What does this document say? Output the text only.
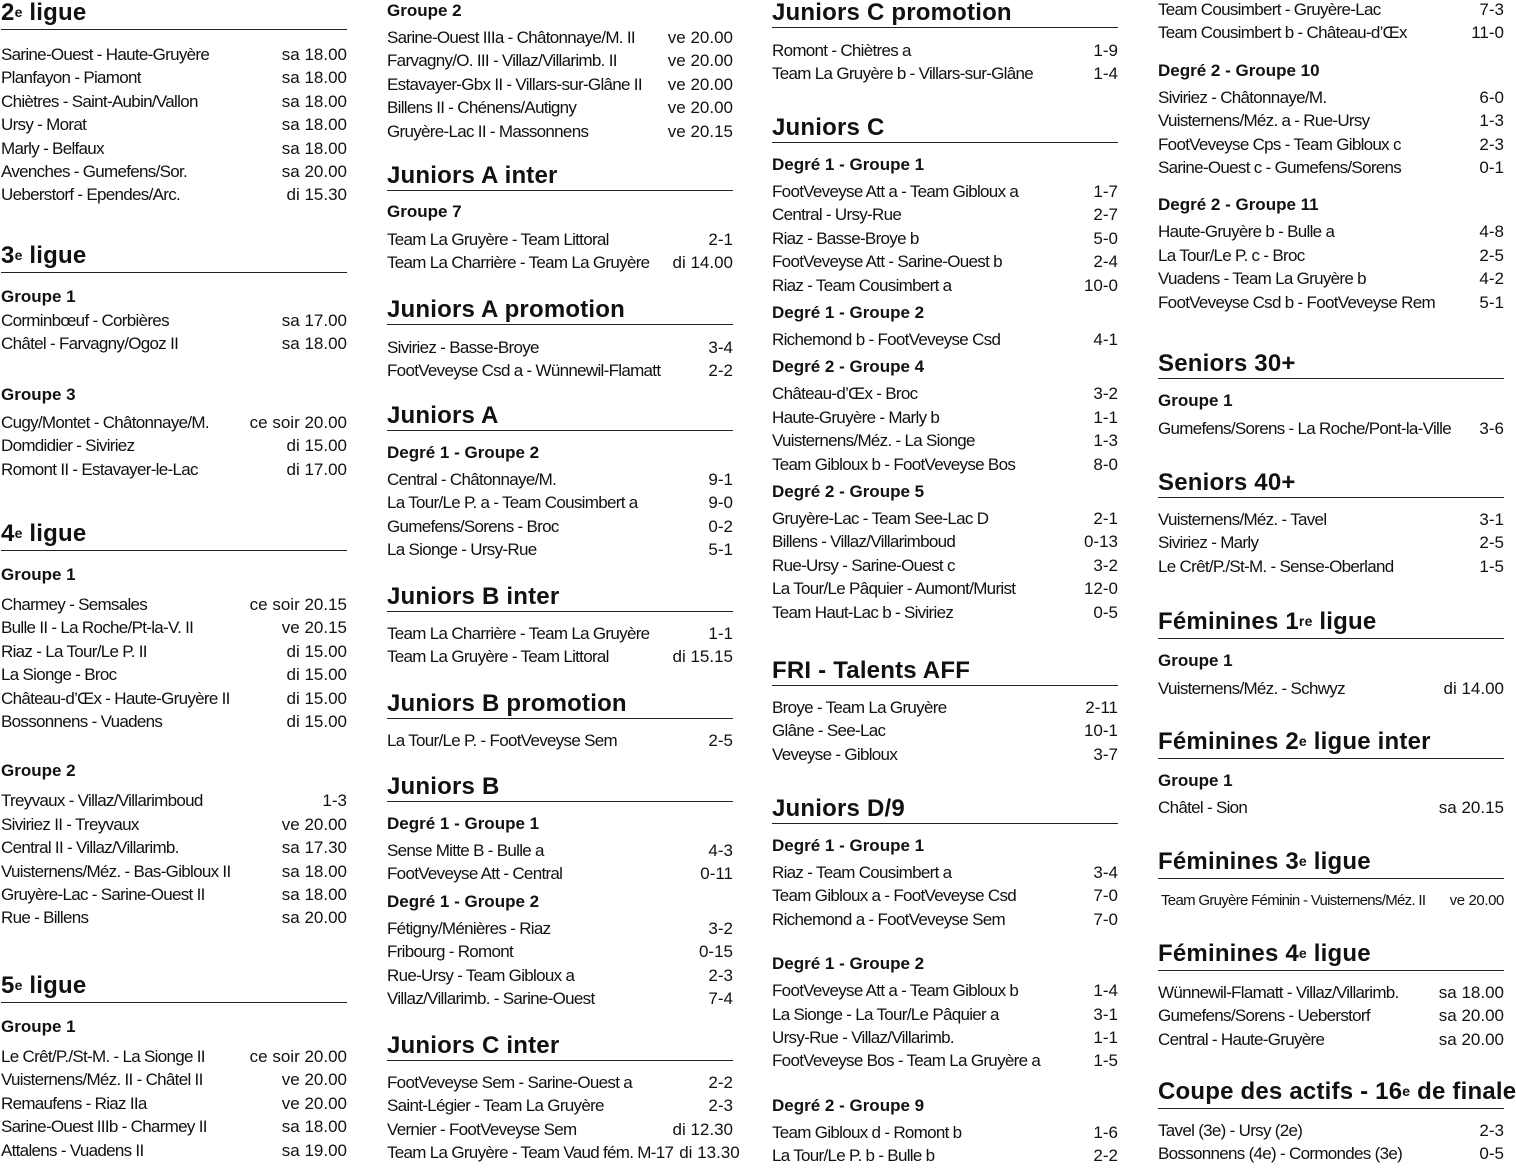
2e ligue
Sarine-Ouest - Haute-Gruyère	sa 18.00
Planfayon - Piamont	sa 18.00
Chiètres - Saint-Aubin/Vallon	sa 18.00
Ursy - Morat	sa 18.00
Marly - Belfaux	sa 18.00
Avenches - Gumefens/Sor.	sa 20.00
Ueberstorf - Ependes/Arc.	di 15.30
3e ligue
Groupe 1
Corminbœuf - Corbières	sa 17.00
Châtel - Farvagny/Ogoz II	sa 18.00
Groupe 3
Cugy/Montet - Châtonnaye/M.	ce soir 20.00
Domdidier - Siviriez	di 15.00
Romont II - Estavayer-le-Lac	di 17.00
4e ligue
Groupe 1
Charmey - Semsales	ce soir 20.15
Bulle II - La Roche/Pt-la-V. II	ve 20.15
Riaz - La Tour/Le P. II	di 15.00
La Sionge - Broc	di 15.00
Château-d’Œx - Haute-Gruyère II	di 15.00
Bossonnens - Vuadens	di 15.00
Groupe 2
Treyvaux - Villaz/Villarimboud	1-3
Siviriez II - Treyvaux	ve 20.00
Central II - Villaz/Villarimb.	sa 17.30
Vuisternens/Méz. - Bas-Gibloux II	sa 18.00
Gruyère-Lac - Sarine-Ouest II	sa 18.00
Rue - Billens	sa 20.00
5e ligue
Groupe 1
Le Crêt/P./St-M. - La Sionge II	ce soir 20.00
Vuisternens/Méz. II - Châtel II	ve 20.00
Remaufens - Riaz IIa	ve 20.00
Sarine-Ouest IIIb - Charmey II	sa 18.00
Attalens - Vuadens II	sa 19.00
Groupe 2
Sarine-Ouest IIIa - Châtonnaye/M. II	ve 20.00
Farvagny/O. III - Villaz/Villarimb. II	ve 20.00
Estavayer-Gbx II - Villars-sur-Glâne II	ve 20.00
Billens II - Chénens/Autigny	ve 20.00
Gruyère-Lac II - Massonnens	ve 20.15
Juniors A inter
Groupe 7
Team La Gruyère - Team Littoral	2-1
Team La Charrière - Team La Gruyère	di 14.00
Juniors A promotion
Siviriez - Basse-Broye	3-4
FootVeveyse Csd a - Wünnewil-Flamatt	2-2
Juniors A
Degré 1 - Groupe 2
Central - Châtonnaye/M.	9-1
La Tour/Le P. a - Team Cousimbert a	9-0
Gumefens/Sorens - Broc	0-2
La Sionge - Ursy-Rue	5-1
Juniors B inter
Team La Charrière - Team La Gruyère	1-1
Team La Gruyère - Team Littoral	di 15.15
Juniors B promotion
La Tour/Le P. - FootVeveyse Sem	2-5
Juniors B
Degré 1 - Groupe 1
Sense Mitte B - Bulle a	4-3
FootVeveyse Att - Central	0-11
Degré 1 - Groupe 2
Fétigny/Ménières - Riaz	3-2
Fribourg - Romont	0-15
Rue-Ursy - Team Gibloux a	2-3
Villaz/Villarimb. - Sarine-Ouest	7-4
Juniors C inter
FootVeveyse Sem - Sarine-Ouest a	2-2
Saint-Légier - Team La Gruyère	2-3
Vernier - FootVeveyse Sem	di 12.30
Team La Gruyère - Team Vaud fém. M-17 di 13.30
Juniors C promotion
Romont - Chiètres a	1-9
Team La Gruyère b - Villars-sur-Glâne	1-4
Juniors C
Degré 1 - Groupe 1
FootVeveyse Att a - Team Gibloux a	1-7
Central - Ursy-Rue	2-7
Riaz - Basse-Broye b	5-0
FootVeveyse Att - Sarine-Ouest b	2-4
Riaz - Team Cousimbert a	10-0
Degré 1 - Groupe 2
Richemond b - FootVeveyse Csd	4-1
Degré 2 - Groupe 4
Château-d’Œx - Broc	3-2
Haute-Gruyère - Marly b	1-1
Vuisternens/Méz. - La Sionge	1-3
Team Gibloux b - FootVeveyse Bos	8-0
Degré 2 - Groupe 5
Gruyère-Lac - Team See-Lac D	2-1
Billens - Villaz/Villarimboud	0-13
Rue-Ursy - Sarine-Ouest c	3-2
La Tour/Le Pâquier - Aumont/Murist	12-0
Team Haut-Lac b - Siviriez	0-5
FRI - Talents AFF
Broye - Team La Gruyère	2-11
Glâne - See-Lac	10-1
Veveyse - Gibloux	3-7
Juniors D/9
Degré 1 - Groupe 1
Riaz - Team Cousimbert a	3-4
Team Gibloux a - FootVeveyse Csd	7-0
Richemond a - FootVeveyse Sem	7-0
Degré 1 - Groupe 2
FootVeveyse Att a - Team Gibloux b	1-4
La Sionge - La Tour/Le Pâquier a	3-1
Ursy-Rue - Villaz/Villarimb.	1-1
FootVeveyse Bos - Team La Gruyère a	1-5
Degré 2 - Groupe 9
Team Gibloux d - Romont b	1-6
La Tour/Le P. b - Bulle b	2-2
Team Cousimbert - Gruyère-Lac	7-3
Team Cousimbert b - Château-d’Œx	11-0
Degré 2 - Groupe 10
Siviriez - Châtonnaye/M.	6-0
Vuisternens/Méz. a - Rue-Ursy	1-3
FootVeveyse Cps - Team Gibloux c	2-3
Sarine-Ouest c - Gumefens/Sorens	0-1
Degré 2 - Groupe 11
Haute-Gruyère b - Bulle a	4-8
La Tour/Le P. c - Broc	2-5
Vuadens - Team La Gruyère b	4-2
FootVeveyse Csd b - FootVeveyse Rem	5-1
Seniors 30+
Groupe 1
Gumefens/Sorens - La Roche/Pont-la-Ville	3-6
Seniors 40+
Vuisternens/Méz. - Tavel	3-1
Siviriez - Marly	2-5
Le Crêt/P./St-M. - Sense-Oberland	1-5
Féminines 1re ligue
Groupe 1
Vuisternens/Méz. - Schwyz	di 14.00
Féminines 2e ligue inter
Groupe 1
Châtel - Sion	sa 20.15
Féminines 3e ligue
Team Gruyère Féminin - Vuisternens/Méz. II	ve 20.00
Féminines 4e ligue
Wünnewil-Flamatt - Villaz/Villarimb.	sa 18.00
Gumefens/Sorens - Ueberstorf	sa 20.00
Central - Haute-Gruyère	sa 20.00
Coupe des actifs - 16e de finale
Tavel (3e) - Ursy (2e)	2-3
Bossonnens (4e) - Cormondes (3e)	0-5
